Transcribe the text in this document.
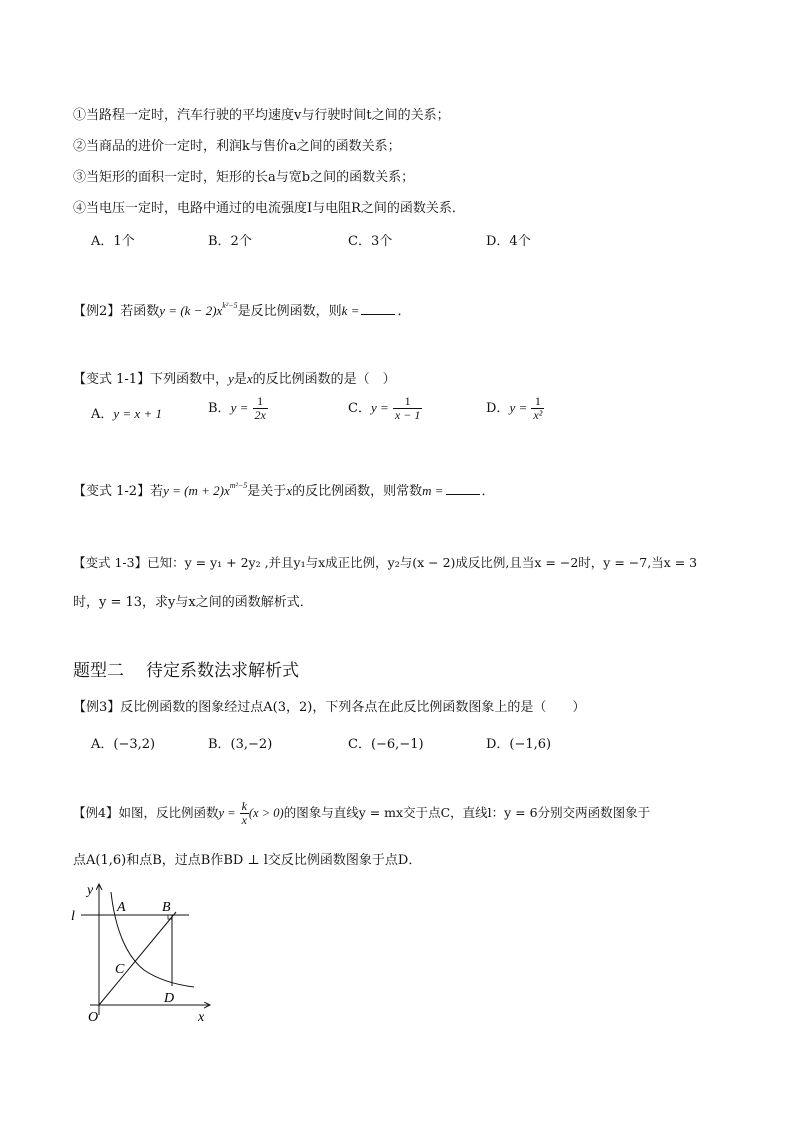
①当路程一定时，汽车行驶的平均速度v与行驶时间t之间的关系；
②当商品的进价一定时，利润k与售价a之间的函数关系；
③当矩形的面积一定时，矩形的长a与宽b之间的函数关系；
④当电压一定时，电路中通过的电流强度I与电阻R之间的函数关系．
A．1个	B．2个	C．3个	D．4个
【例2】若函数$y = (k - 2)x^{k^2-5}$是反比例函数，则k =	．
【变式 1-1】下列函数中，y是x的反比例函数的是（　）
A．y = x + 1	B．$y = \frac{1}{2x}$	C．$y = \frac{1}{x - 1}$	D．$y = \frac{1}{\text{x²}}$
【变式 1-2】若$y = (m + 2)x^{m^2-5}$是关于x的反比例函数，则常数m =	．
【变式 1-3】已知：y = y₁ + 2y₂ ,并且y₁与x成正比例，y₂与(x − 2)成反比例,且当x = −2时，y = −7,当x = 3
时，y = 13，求y与x之间的函数解析式．
题型二 待定系数法求解析式
【例3】反比例函数的图象经过点A(3，2)，下列各点在此反比例函数图象上的是（　　）
A．(−3,2)	B．(3,−2)	C．(−6,−1)	D．(−1,6)
【例4】如图，反比例函数$y = \frac{k}{x} (x > 0)$的图象与直线y = mx交于点C，直线l：y = 6分别交两函数图象于
点A(1,6)和点B，过点B作BD ⊥ l交反比例函数图象于点D．
y
x
O
l
A	B
C
D
